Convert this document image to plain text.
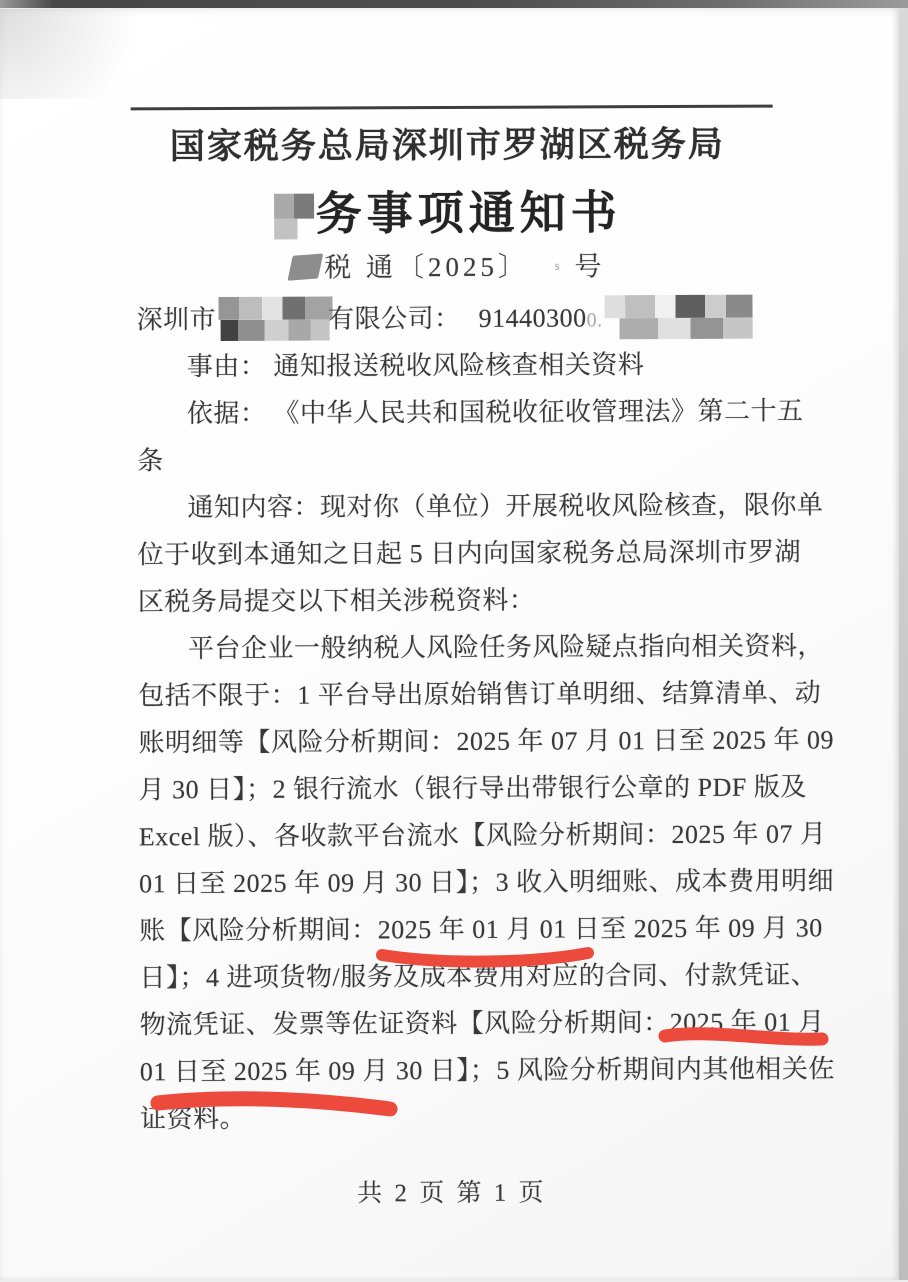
国家税务总局深圳市罗湖区税务局
务事项通知书
税 通〔2025〕 ˢ 号
深圳市	有限公司： 914403000.
事由： 通知报送税收风险核查相关资料
依据： 《中华人民共和国税收征收管理法》第二十五
条
通知内容：现对你（单位）开展税收风险核查，限你单
位于收到本通知之日起 5 日内向国家税务总局深圳市罗湖
区税务局提交以下相关涉税资料：
平台企业一般纳税人风险任务风险疑点指向相关资料，
包括不限于：1 平台导出原始销售订单明细、结算清单、动
账明细等【风险分析期间：2025 年 07 月 01 日至 2025 年 09
月 30 日】；2 银行流水（银行导出带银行公章的 PDF 版及
Excel 版）、各收款平台流水【风险分析期间：2025 年 07 月
01 日至 2025 年 09 月 30 日】；3 收入明细账、成本费用明细
账【风险分析期间：2025 年 01 月 01 日至 2025 年 09 月 30
日】；4 进项货物/服务及成本费用对应的合同、付款凭证、
物流凭证、发票等佐证资料【风险分析期间：2025 年 01 月
01 日至 2025 年 09 月 30 日】；5 风险分析期间内其他相关佐
证资料。
共 2 页 第 1 页
